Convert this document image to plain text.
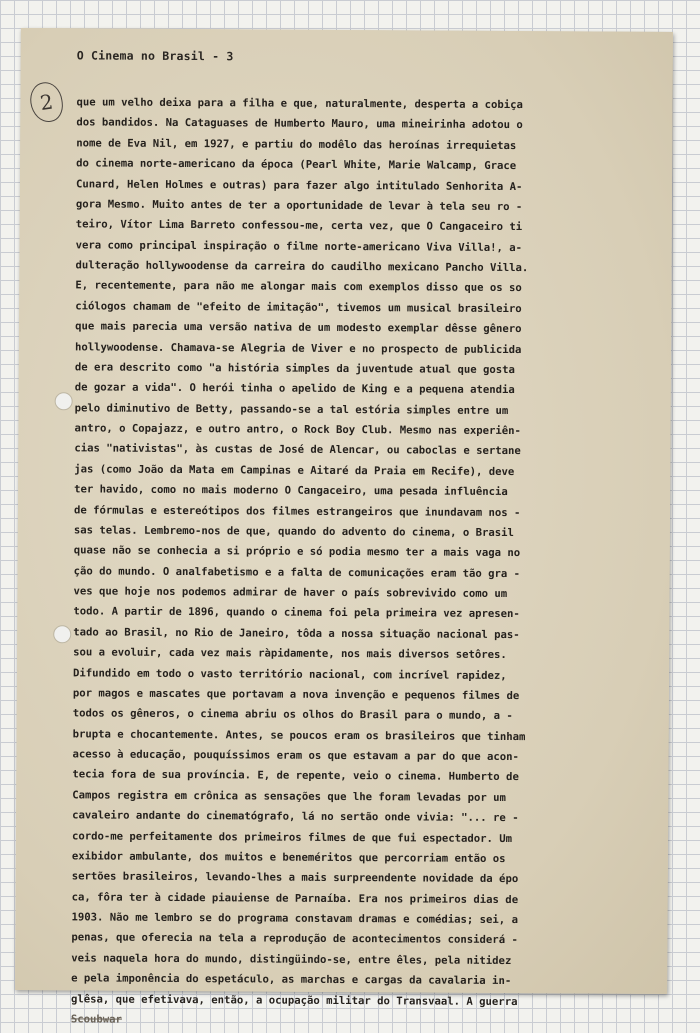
O Cinema no Brasil - 3
2	que um velho deixa para a filha e que, naturalmente, desperta a cobiça
dos bandidos. Na Cataguases de Humberto Mauro, uma mineirinha adotou o
nome de Eva Nil, em 1927, e partiu do modêlo das heroínas irrequietas
do cinema norte-americano da época (Pearl White, Marie Walcamp, Grace
Cunard, Helen Holmes e outras) para fazer algo intitulado Senhorita A-
gora Mesmo. Muito antes de ter a oportunidade de levar à tela seu ro -
teiro, Vítor Lima Barreto confessou-me, certa vez, que O Cangaceiro ti
vera como principal inspiração o filme norte-americano Viva Villa!, a-
dulteração hollywoodense da carreira do caudilho mexicano Pancho Villa.
E, recentemente, para não me alongar mais com exemplos disso que os so
ciólogos chamam de "efeito de imitação", tivemos um musical brasileiro
que mais parecia uma versão nativa de um modesto exemplar dêsse gênero
hollywoodense. Chamava-se Alegria de Viver e no prospecto de publicida
de era descrito como "a história simples da juventude atual que gosta
de gozar a vida". O herói tinha o apelido de King e a pequena atendia
pelo diminutivo de Betty, passando-se a tal estória simples entre um
antro, o Copajazz, e outro antro, o Rock Boy Club. Mesmo nas experiên-
cias "nativistas", às custas de José de Alencar, ou caboclas e sertane
jas (como João da Mata em Campinas e Aitaré da Praia em Recife), deve
ter havido, como no mais moderno O Cangaceiro, uma pesada influência
de fórmulas e estereótipos dos filmes estrangeiros que inundavam nos -
sas telas. Lembremo-nos de que, quando do advento do cinema, o Brasil
quase não se conhecia a si próprio e só podia mesmo ter a mais vaga no
ção do mundo. O analfabetismo e a falta de comunicações eram tão gra -
ves que hoje nos podemos admirar de haver o país sobrevivido como um
todo. A partir de 1896, quando o cinema foi pela primeira vez apresen-
tado ao Brasil, no Rio de Janeiro, tôda a nossa situação nacional pas-
sou a evoluir, cada vez mais ràpidamente, nos mais diversos setôres.
Difundido em todo o vasto território nacional, com incrível rapidez,
por magos e mascates que portavam a nova invenção e pequenos filmes de
todos os gêneros, o cinema abriu os olhos do Brasil para o mundo, a -
brupta e chocantemente. Antes, se poucos eram os brasileiros que tinham
acesso à educação, pouquíssimos eram os que estavam a par do que acon-
tecia fora de sua província. E, de repente, veio o cinema. Humberto de
Campos registra em crônica as sensações que lhe foram levadas por um
cavaleiro andante do cinematógrafo, lá no sertão onde vivia: "... re -
cordo-me perfeitamente dos primeiros filmes de que fui espectador. Um
exibidor ambulante, dos muitos e beneméritos que percorriam então os
sertões brasileiros, levando-lhes a mais surpreendente novidade da épo
ca, fôra ter à cidade piauiense de Parnaíba. Era nos primeiros dias de
1903. Não me lembro se do programa constavam dramas e comédias; sei, a
penas, que oferecia na tela a reprodução de acontecimentos considerá -
veis naquela hora do mundo, distingüindo-se, entre êles, pela nitidez
e pela imponência do espetáculo, as marchas e cargas da cavalaria in-
glêsa, que efetivava, então, a ocupação militar do Transvaal. A guerra
Scoubwar
